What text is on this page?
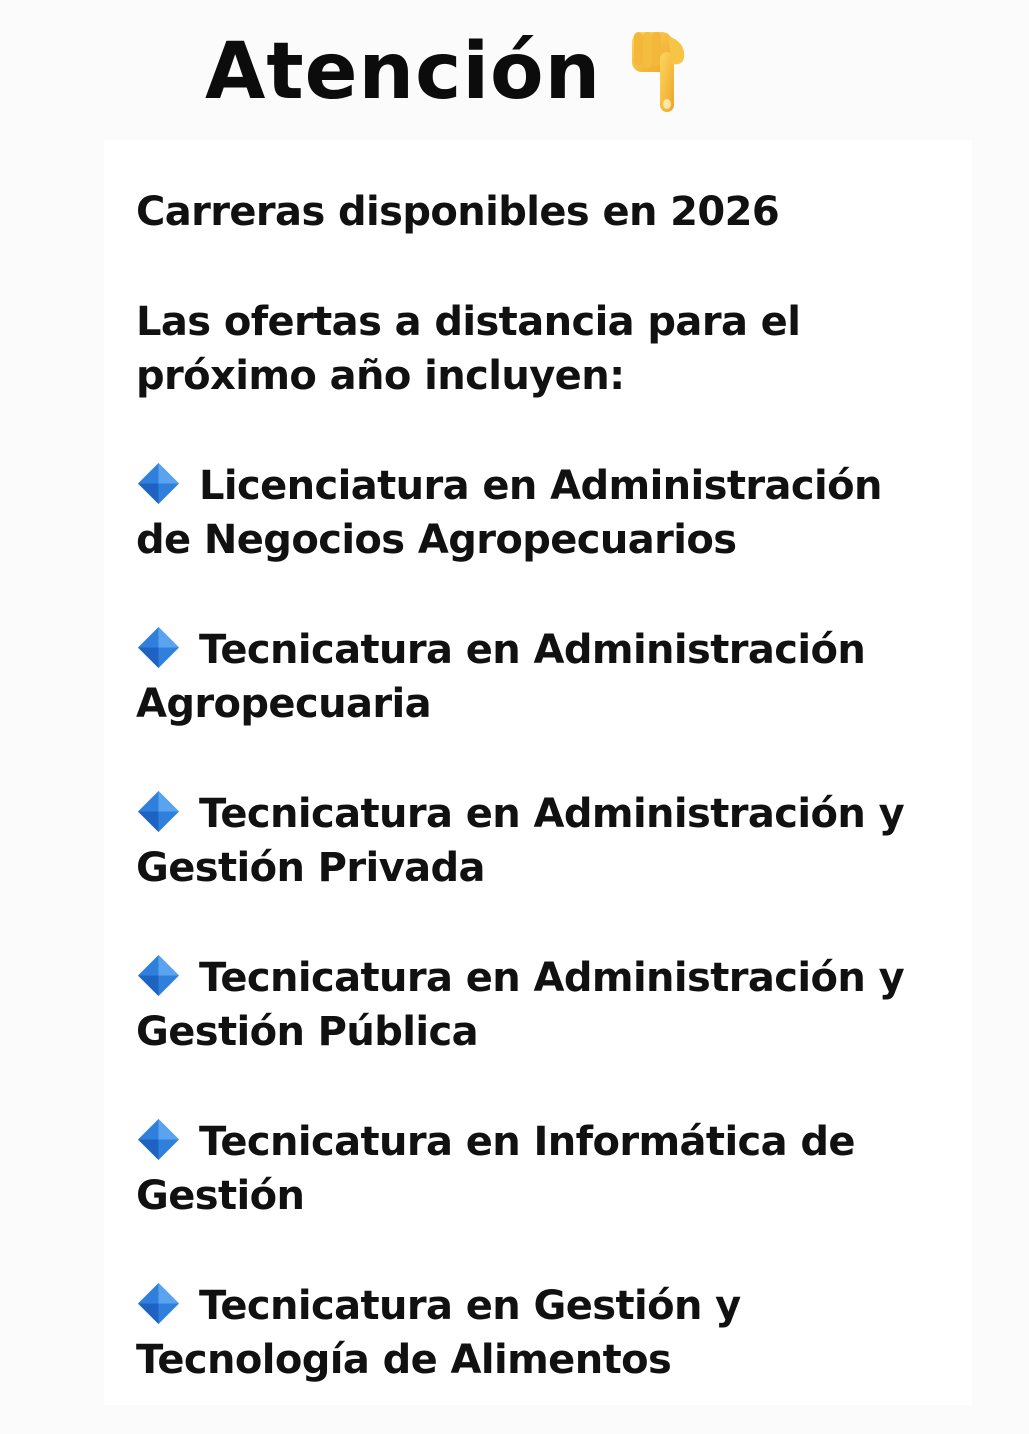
Atención

Carreras disponibles en 2026

Las ofertas a distancia para el
próximo año incluyen:

Licenciatura en Administración
de Negocios Agropecuarios
Tecnicatura en Administración
Agropecuaria
Tecnicatura en Administración y
Gestión Privada
Tecnicatura en Administración y
Gestión Pública
Tecnicatura en Informática de
Gestión
Tecnicatura en Gestión y
Tecnología de Alimentos
